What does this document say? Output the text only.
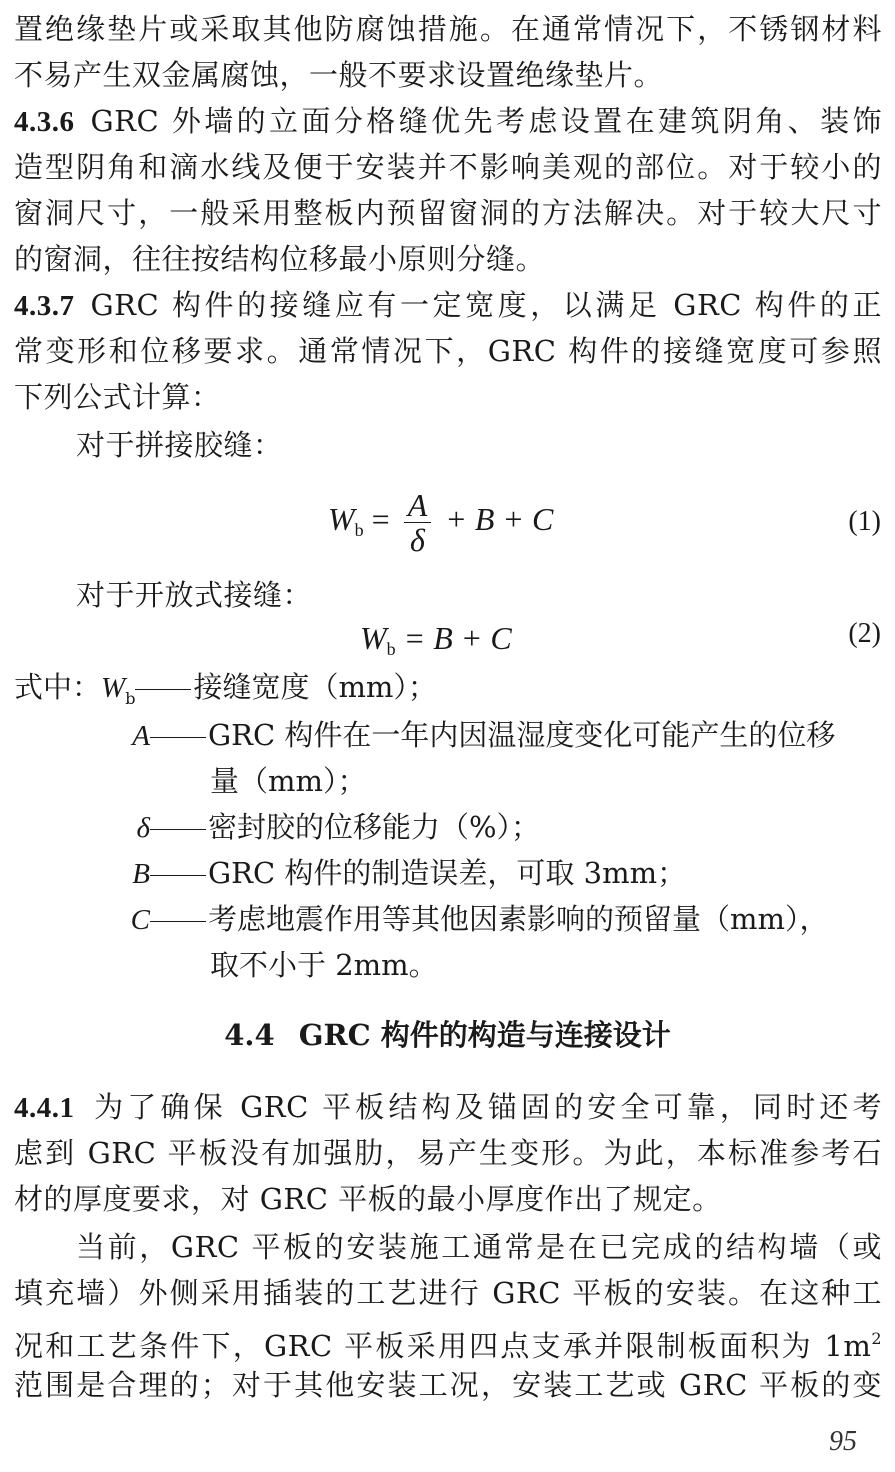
置绝缘垫片或采取其他防腐蚀措施。在通常情况下，不锈钢材料
不易产生双金属腐蚀，一般不要求设置绝缘垫片。
4.3.6 GRC 外墙的立面分格缝优先考虑设置在建筑阴角、装饰
造型阴角和滴水线及便于安装并不影响美观的部位。对于较小的
窗洞尺寸，一般采用整板内预留窗洞的方法解决。对于较大尺寸
的窗洞，往往按结构位移最小原则分缝。
4.3.7 GRC 构件的接缝应有一定宽度，以满足 GRC 构件的正
常变形和位移要求。通常情况下，GRC 构件的接缝宽度可参照
下列公式计算：
对于拼接胶缝：
$W_b = \frac{A}{\delta} + B + C$	(1)
对于开放式接缝：
$W_b = B + C$	(2)
式中：$W_b$ 接缝宽度（mm）；
A GRC 构件在一年内因温湿度变化可能产生的位移
量（mm）；
δ 密封胶的位移能力（%）；
B GRC 构件的制造误差，可取 3mm；
C 考虑地震作用等其他因素影响的预留量（mm），
取不小于 2mm。
4.4 GRC 构件的构造与连接设计
4.4.1 为了确保 GRC 平板结构及锚固的安全可靠，同时还考
虑到 GRC 平板没有加强肋，易产生变形。为此，本标准参考石
材的厚度要求，对 GRC 平板的最小厚度作出了规定。
当前，GRC 平板的安装施工通常是在已完成的结构墙（或
填充墙）外侧采用插装的工艺进行 GRC 平板的安装。在这种工
况和工艺条件下，GRC 平板采用四点支承并限制板面积为 $1m^2$
范围是合理的；对于其他安装工况，安装工艺或 GRC 平板的变
95
